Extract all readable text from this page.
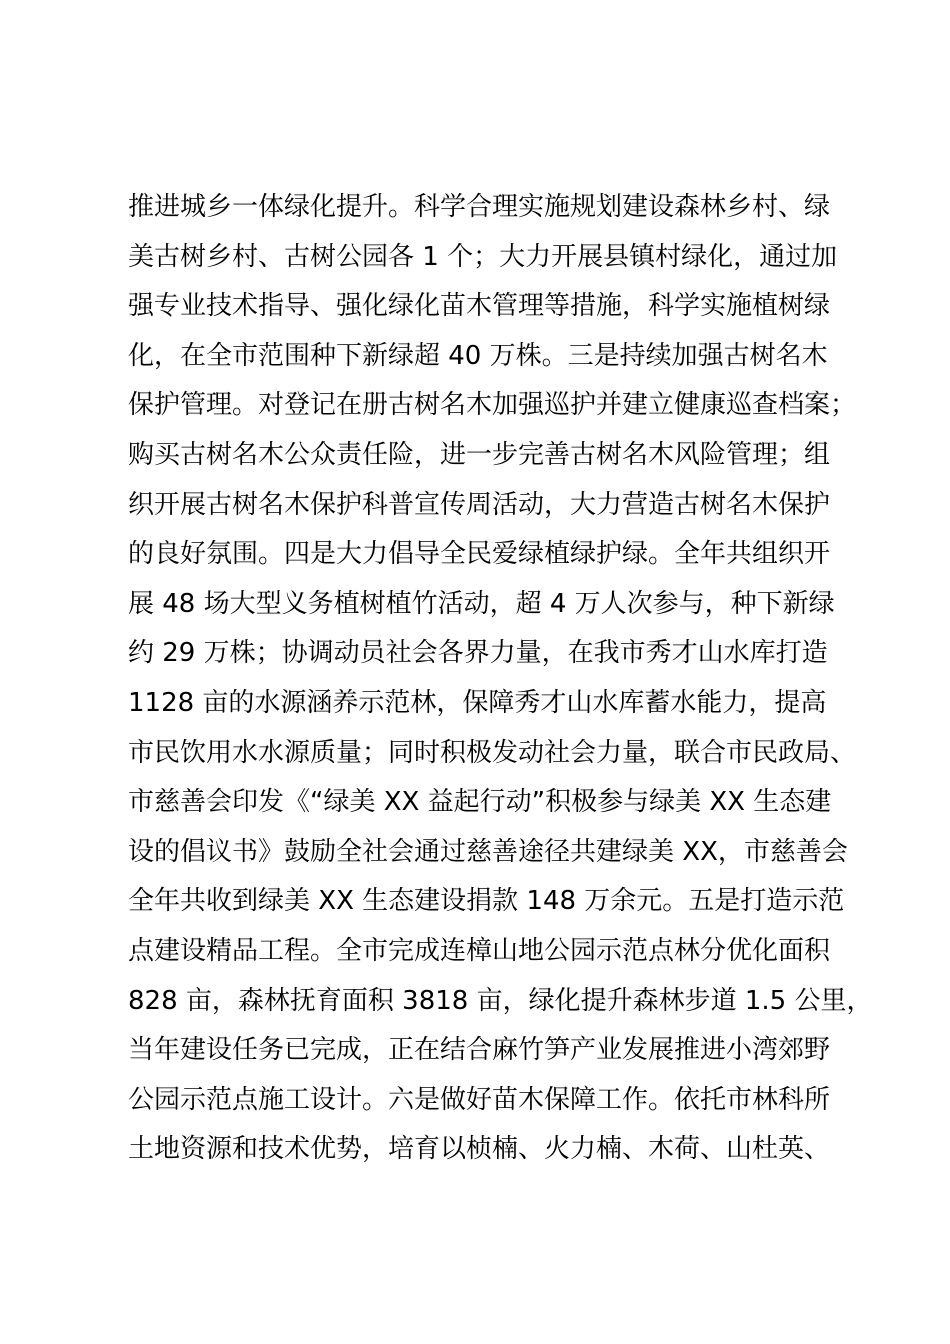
推进城乡一体绿化提升。科学合理实施规划建设森林乡村、绿
美古树乡村、古树公园各 1 个；大力开展县镇村绿化，通过加
强专业技术指导、强化绿化苗木管理等措施，科学实施植树绿
化，在全市范围种下新绿超 40 万株。三是持续加强古树名木
保护管理。对登记在册古树名木加强巡护并建立健康巡查档案；
购买古树名木公众责任险，进一步完善古树名木风险管理；组
织开展古树名木保护科普宣传周活动，大力营造古树名木保护
的良好氛围。四是大力倡导全民爱绿植绿护绿。全年共组织开
展 48 场大型义务植树植竹活动，超 4 万人次参与，种下新绿
约 29 万株；协调动员社会各界力量，在我市秀才山水库打造
1128 亩的水源涵养示范林，保障秀才山水库蓄水能力，提高
市民饮用水水源质量；同时积极发动社会力量，联合市民政局、
市慈善会印发《“绿美 XX 益起行动”积极参与绿美 XX 生态建
设的倡议书》鼓励全社会通过慈善途径共建绿美 XX，市慈善会
全年共收到绿美 XX 生态建设捐款 148 万余元。五是打造示范
点建设精品工程。全市完成连樟山地公园示范点林分优化面积
828 亩，森林抚育面积 3818 亩，绿化提升森林步道 1.5 公里，
当年建设任务已完成，正在结合麻竹笋产业发展推进小湾郊野
公园示范点施工设计。六是做好苗木保障工作。依托市林科所
土地资源和技术优势，培育以桢楠、火力楠、木荷、山杜英、
